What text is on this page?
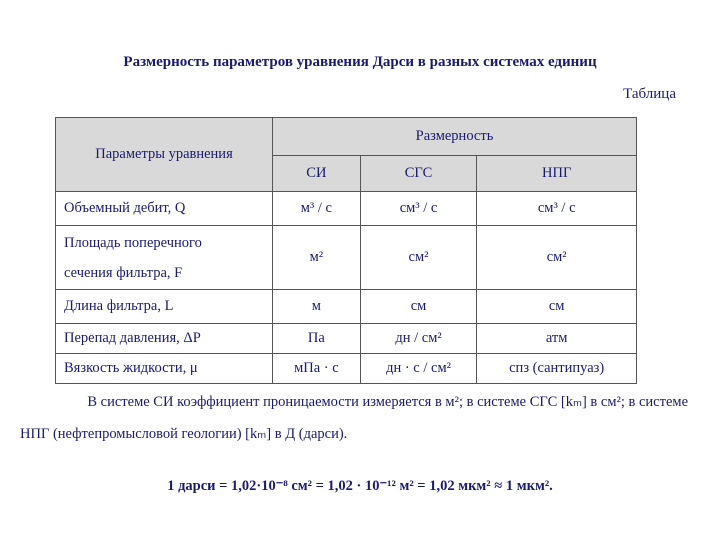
Размерность параметров уравнения Дарси в разных системах единиц
Таблица
Параметры уравнения	Размерность		
	СИ	СГС	НПГ
Объемный дебит, Q	м³ / с	см³ / с	см³ / с

Площадь поперечного
сечения фильтра, F	м²	см²	см²
Длина фильтра, L	м	см	см
Перепад давления, ΔP	Па	дн / см²	атм
Вязкость жидкости, μ	мПа · с	дн · с / см²	спз (сантипуаз)
В системе СИ коэффициент проницаемости измеряется в м²; в системе СГС [kₘ] в см²; в системе
НПГ (нефтепромысловой геологии) [kₘ] в Д (дарси).
1 дарси = 1,02·10⁻⁸ см² = 1,02 · 10⁻¹² м² = 1,02 мкм² ≈ 1 мкм².
